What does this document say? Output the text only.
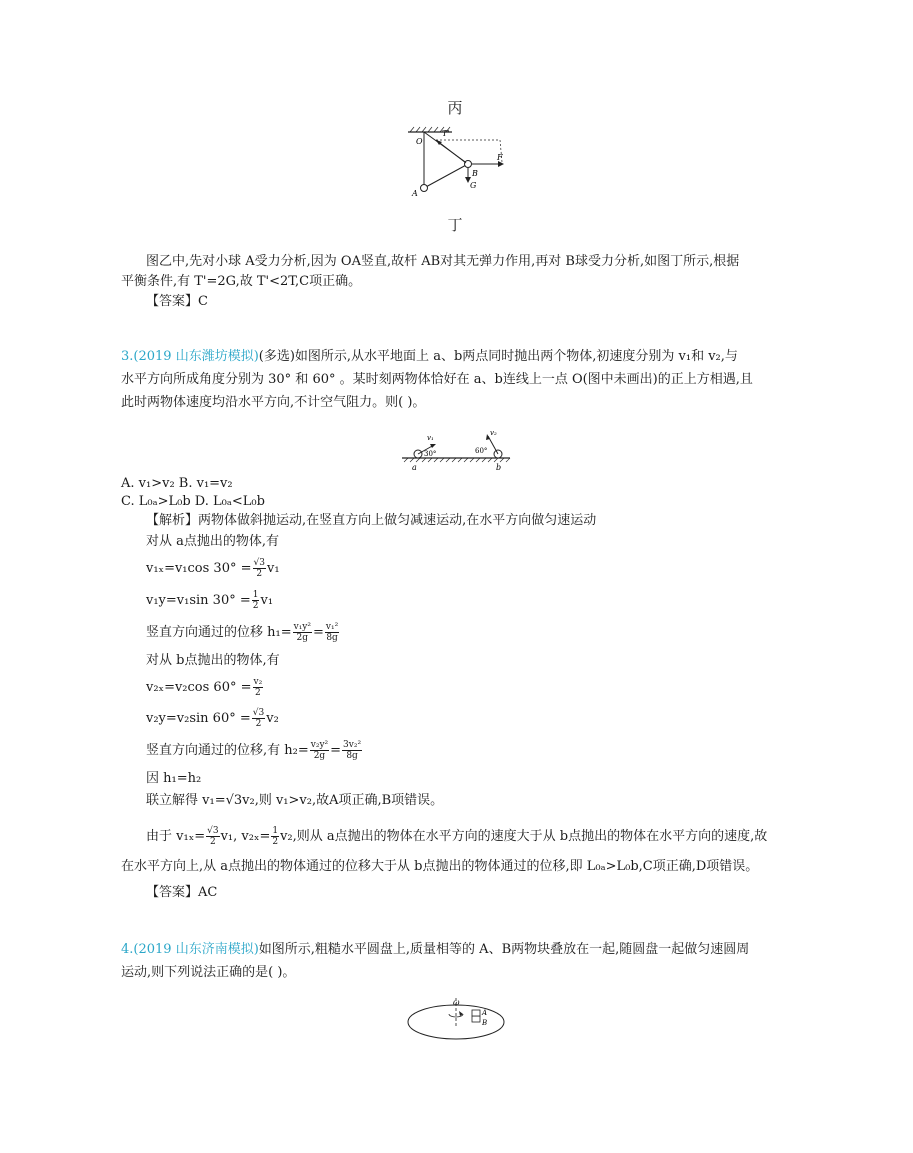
丙
O
T'
B
F
G
A
丁
图乙中,先对小球 A受力分析,因为 OA竖直,故杆 AB对其无弹力作用,再对 B球受力分析,如图丁所示,根据
平衡条件,有 T'=2G,故 T'<2T,C项正确。
【答案】C
3.(2019 山东潍坊模拟)(多选)如图所示,从水平地面上 a、b两点同时抛出两个物体,初速度分别为 v₁和 v₂,与
水平方向所成角度分别为 30° 和 60° 。某时刻两物体恰好在 a、b连线上一点 O(图中未画出)的正上方相遇,且
此时两物体速度均沿水平方向,不计空气阻力。则( )。
v₁
30°
a
v₂
60°
b
A. v₁>v₂ B. v₁=v₂
C. L₀ₐ>L₀b D. L₀ₐ<L₀b
【解析】两物体做斜抛运动,在竖直方向上做匀减速运动,在水平方向做匀速运动
对从 a点抛出的物体,有
v₁ₓ=v₁cos $30^\circ = \frac{√3}{2} v_1$
v₁y=v₁sin $30^\circ = \frac{1}{2} v_1$
竖直方向通过的位移 $h_1= \frac{\text{v₁y²}}{2g} = \frac{\text{v₁²}}{8g}$
对从 b点抛出的物体,有
v₂ₓ=v₂cos $60^\circ = \frac{\text{v₂}}{2}$
v₂y=v₂sin $60^\circ = \frac{√3}{2} v_2$
竖直方向通过的位移,有 $h_2= \frac{\text{v₂y²}}{2g} = \frac{\text{3v₂²}}{8g}$
因 h₁=h₂
联立解得 v₁=√3v₂,则 v₁>v₂,故A项正确,B项错误。
由于 $v_{1x}= \frac{√3}{2} v_1$, $v_{2x}= \frac{1}{2} v_2$,则从 a点抛出的物体在水平方向的速度大于从 b点抛出的物体在水平方向的速度,故
在水平方向上,从 a点抛出的物体通过的位移大于从 b点抛出的物体通过的位移,即 L₀ₐ>L₀b,C项正确,D项错误。
【答案】AC
4.(2019 山东济南模拟)如图所示,粗糙水平圆盘上,质量相等的 A、B两物块叠放在一起,随圆盘一起做匀速圆周
运动,则下列说法正确的是( )。
ω
A
B
